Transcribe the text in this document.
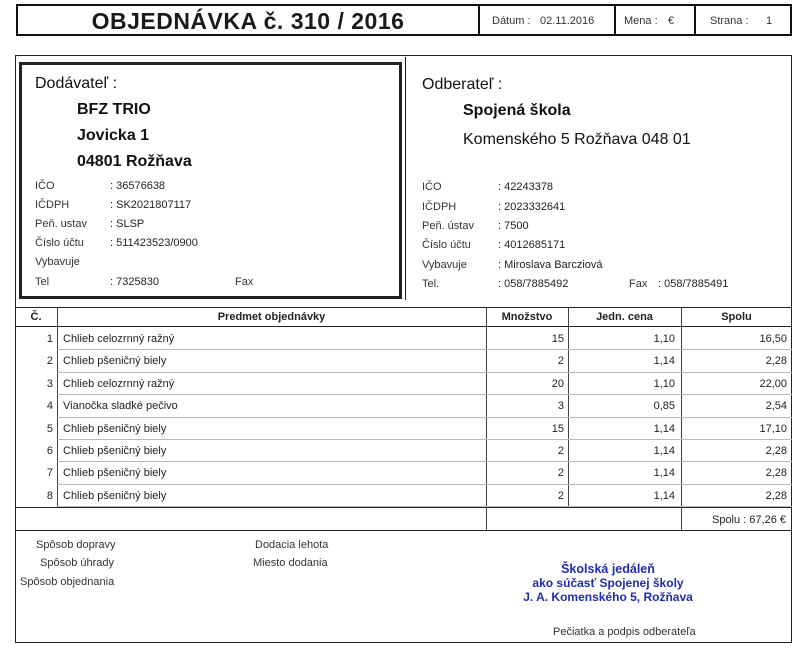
OBJEDNÁVKA č. 310 / 2016	Dátum : 02.11.2016	Mena : €	Strana : 1
Dodávateľ :
BFZ TRIO
Jovicka 1
04801 Rožňava
IČO	: 36576638
IČDPH	: SK2021807117
Peň. ustav : SLSP
Číslo účtu : 511423523/0900
Vybavuje
Tel	: 7325830	Fax
Odberateľ :
Spojená škola
Komenského 5 Rožňava 048 01
IČO	: 42243378
IČDPH	: 2023332641
Peň. ústav : 7500
Číslo účtu : 4012685171
Vybavuje	: Miroslava Barcziová
Tel.	: 058/7885492	Fax : 058/7885491
Č.	Predmet objednávky	Množstvo	Jedn. cena	Spolu
1 Chlieb celozrnný ražný	15	1,10	16,50
2 Chlieb pšeničný biely	2	1,14	2,28
3 Chlieb celozrnný ražný	20	1,10	22,00
4 Vianočka sladké pečivo	3	0,85	2,54
5 Chlieb pšeničný biely	15	1,14	17,10
6 Chlieb pšeničný biely	2	1,14	2,28
7 Chlieb pšeničný biely	2	1,14	2,28
8 Chlieb pšeničný biely	2	1,14	2,28
Spolu : 67,26 €
Spôsob dopravy
Spôsob úhrady
Spôsob objednania
Dodacia lehota
Miesto dodania	Školská jedáleň
ako súčasť Spojenej školy
J. A. Komenského 5, Rožňava
Pečiatka a podpis odberateľa
